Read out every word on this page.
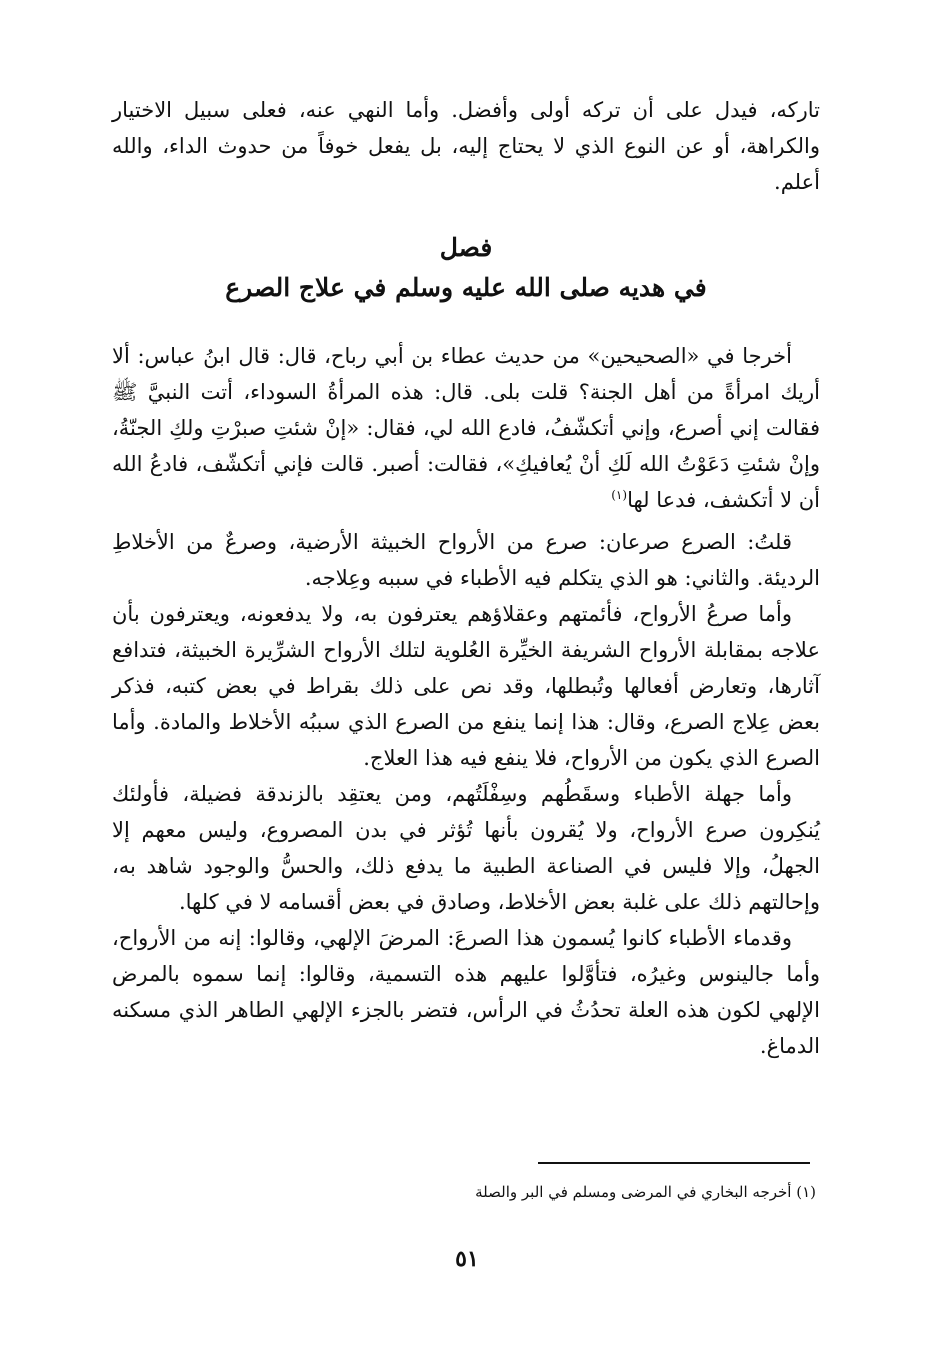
تاركه، فيدل على أن تركه أولى وأفضل. وأما النهي عنه، فعلى سبيل الاختيار والكراهة، أو عن النوع الذي لا يحتاج إليه، بل يفعل خوفاً من حدوث الداء، والله أعلم.

فصل

في هديه صلى الله عليه وسلم في علاج الصرع

أخرجا في «الصحيحين» من حديث عطاء بن أبي رباح، قال: قال ابنُ عباس: ألا أريك امرأةً من أهل الجنة؟ قلت بلى. قال: هذه المرأةُ السوداء، أتت النبيَّ ﷺ فقالت إني أصرع، وإني أتكشّفُ، فادع الله لي، فقال: «إنْ شئتِ صبرْتِ ولكِ الجنّةُ، وإنْ شئتِ دَعَوْتُ الله لَكِ أنْ يُعافيكِ»، فقالت: أصبر. قالت فإني أتكشّف، فادعُ الله أن لا أتكشف، فدعا لها$^{(١)}$

قلتُ: الصرع صرعان: صرع من الأرواح الخبيثة الأرضية، وصرعٌ من الأخلاطِ الرديئة. والثاني: هو الذي يتكلم فيه الأطباء في سببه وعِلاجه.

وأما صرعُ الأرواح، فأئمتهم وعقلاؤهم يعترفون به، ولا يدفعونه، ويعترفون بأن علاجه بمقابلة الأرواح الشريفة الخيِّرة العُلوية لتلك الأرواح الشرِّيرة الخبيثة، فتدافع آثارها، وتعارض أفعالها وتُبطلها، وقد نص على ذلك بقراط في بعض كتبه، فذكر بعض عِلاج الصرع، وقال: هذا إنما ينفع من الصرع الذي سببُه الأخلاط والمادة. وأما الصرع الذي يكون من الأرواح، فلا ينفع فيه هذا العلاج.

وأما جهلة الأطباء وسقَطُهم وسِفْلَتُهم، ومن يعتقِد بالزندقة فضيلة، فأولئك يُنكِرون صرع الأرواح، ولا يُقرون بأنها تُؤثر في بدن المصروع، وليس معهم إلا الجهلُ، وإلا فليس في الصناعة الطبية ما يدفع ذلك، والحسُّ والوجود شاهد به، وإحالتهم ذلك على غلبة بعض الأخلاط، وصادق في بعض أقسامه لا في كلها.

وقدماء الأطباء كانوا يُسمون هذا الصرعَ: المرضَ الإلهي، وقالوا: إنه من الأرواح، وأما جالينوس وغيرُه، فتأوَّلوا عليهم هذه التسمية، وقالوا: إنما سموه بالمرض الإلهي لكون هذه العلة تحدُثُ في الرأس، فتضر بالجزء الإلهي الطاهر الذي مسكنه الدماغ.

(١) أخرجه البخاري في المرضى ومسلم في البر والصلة
٥١
